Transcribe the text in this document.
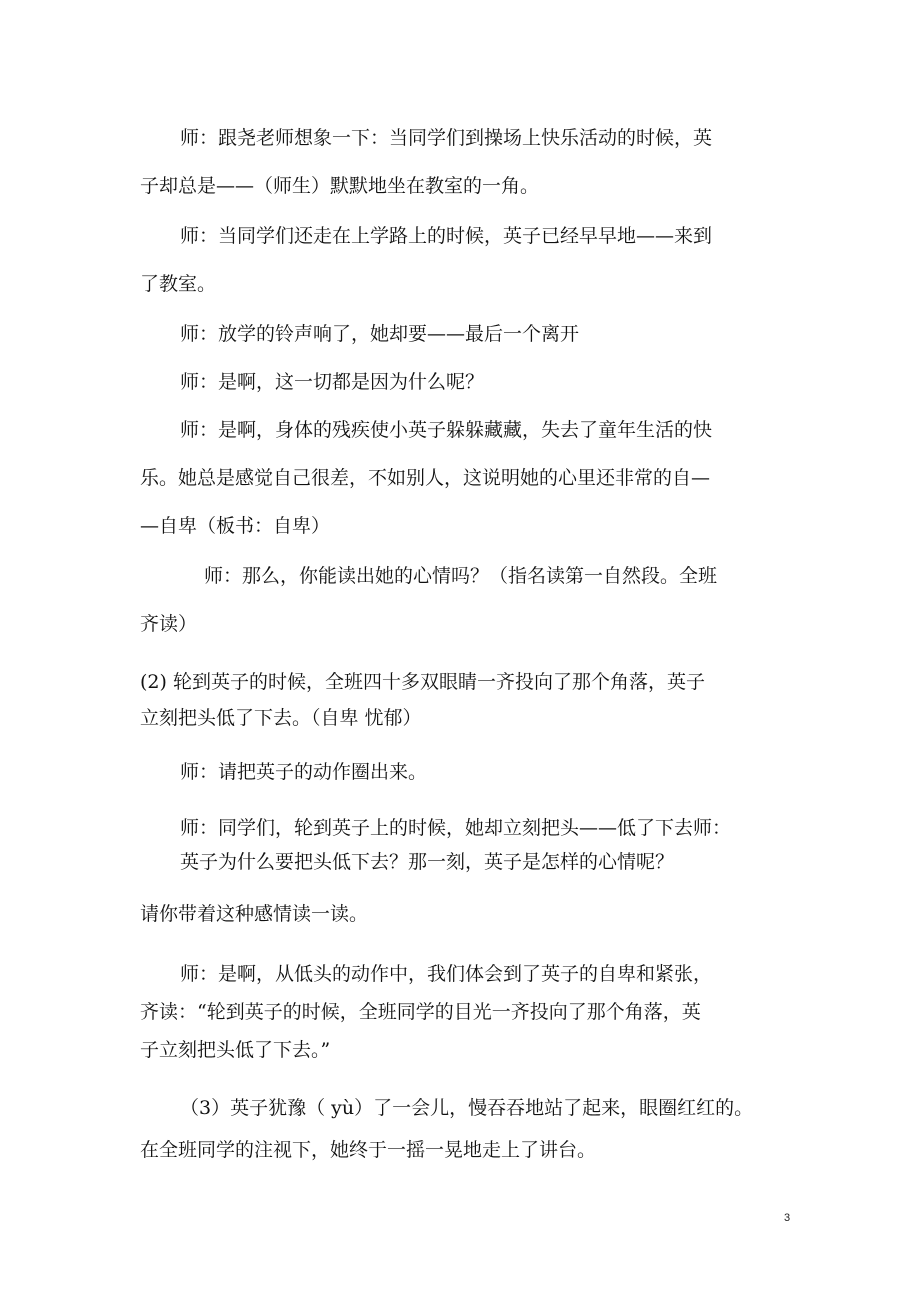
师：跟尧老师想象一下：当同学们到操场上快乐活动的时候，英

子却总是——（师生）默默地坐在教室的一角。

师：当同学们还走在上学路上的时候，英子已经早早地——来到

了教室。

师：放学的铃声响了，她却要——最后一个离开

师：是啊，这一切都是因为什么呢？

师：是啊，身体的残疾使小英子躲躲藏藏，失去了童年生活的快

乐。她总是感觉自己很差，不如别人，这说明她的心里还非常的自—

—自卑（板书：自卑）

师：那么，你能读出她的心情吗？（指名读第一自然段。全班

齐读）

(2) 轮到英子的时候，全班四十多双眼睛一齐投向了那个角落，英子

立刻把头低了下去。（自卑 忧郁）

师：请把英子的动作圈出来。

师：同学们，轮到英子上的时候，她却立刻把头——低了下去师：

英子为什么要把头低下去？那一刻，英子是怎样的心情呢？

请你带着这种感情读一读。

师：是啊，从低头的动作中，我们体会到了英子的自卑和紧张，

齐读：“轮到英子的时候，全班同学的目光一齐投向了那个角落，英

子立刻把头低了下去。”

（3）英子犹豫（ yù）了一会儿，慢吞吞地站了起来，眼圈红红的。

在全班同学的注视下，她终于一摇一晃地走上了讲台。

3
